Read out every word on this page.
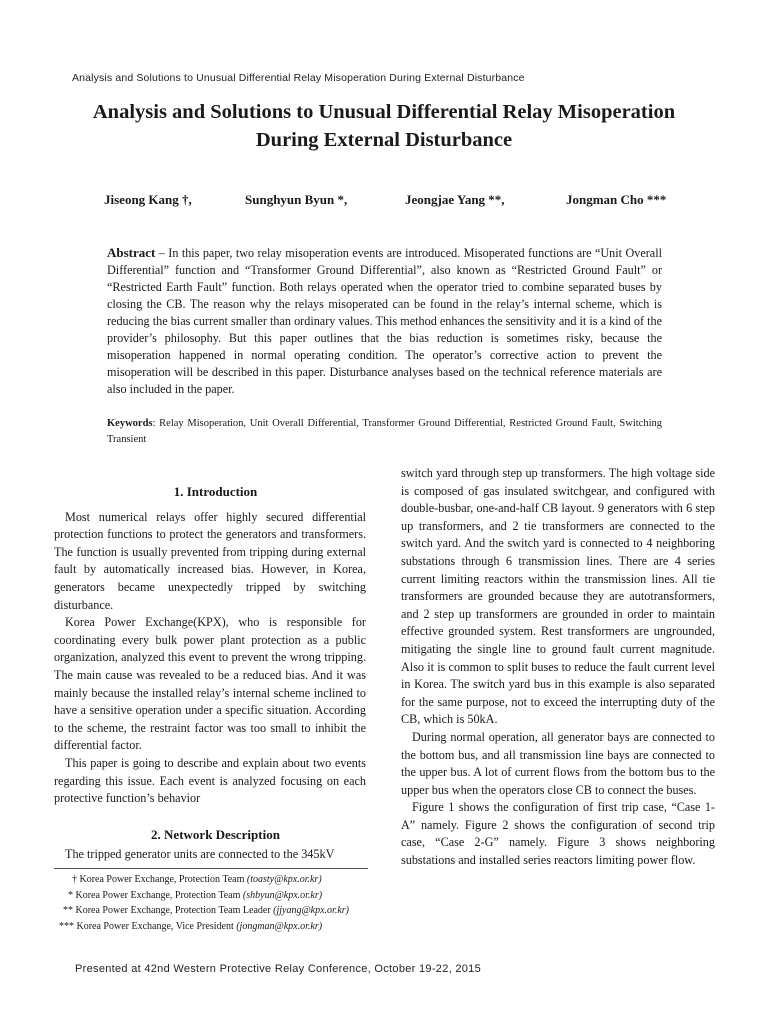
Analysis and Solutions to Unusual Differential Relay Misoperation During External Disturbance
Analysis and Solutions to Unusual Differential Relay Misoperation
During External Disturbance
Jiseong Kang †,	Sunghyun Byun *,	Jeongjae Yang **,	Jongman Cho ***
Abstract – In this paper, two relay misoperation events are introduced. Misoperated functions are “Unit Overall Differential” function and “Transformer Ground Differential”, also known as “Restricted Ground Fault” or “Restricted Earth Fault” function. Both relays operated when the operator tried to combine separated buses by closing the CB. The reason why the relays misoperated can be found in the relay’s internal scheme, which is reducing the bias current smaller than ordinary values. This method enhances the sensitivity and it is a kind of the provider’s philosophy. But this paper outlines that the bias reduction is sometimes risky, because the misoperation happened in normal operating condition. The operator’s corrective action to prevent the misoperation will be described in this paper. Disturbance analyses based on the technical reference materials are also included in the paper.
Keywords: Relay Misoperation, Unit Overall Differential, Transformer Ground Differential, Restricted Ground Fault, Switching Transient

1. Introduction

Most numerical relays offer highly secured differential protection functions to protect the generators and transformers. The function is usually prevented from tripping during external fault by automatically increased bias. However, in Korea, generators became unexpectedly tripped by switching disturbance.

Korea Power Exchange(KPX), who is responsible for coordinating every bulk power plant protection as a public organization, analyzed this event to prevent the wrong tripping. The main cause was revealed to be a reduced bias. And it was mainly because the installed relay’s internal scheme inclined to have a sensitive operation under a specific situation. According to the scheme, the restraint factor was too small to inhibit the differential factor.

This paper is going to describe and explain about two events regarding this issue. Each event is analyzed focusing on each protective function’s behavior

2. Network Description

The tripped generator units are connected to the 345kV

switch yard through step up transformers. The high voltage side is composed of gas insulated switchgear, and configured with double-busbar, one-and-half CB layout. 9 generators with 6 step up transformers, and 2 tie transformers are connected to the switch yard. And the switch yard is connected to 4 neighboring substations through 6 transmission lines. There are 4 series current limiting reactors within the transmission lines. All tie transformers are grounded because they are autotransformers, and 2 step up transformers are grounded in order to maintain effective grounded system. Rest transformers are ungrounded, mitigating the single line to ground fault current magnitude. Also it is common to split buses to reduce the fault current level in Korea. The switch yard bus in this example is also separated for the same purpose, not to exceed the interrupting duty of the CB, which is 50kA.

During normal operation, all generator bays are connected to the bottom bus, and all transmission line bays are connected to the upper bus. A lot of current flows from the bottom bus to the upper bus when the operators close CB to connect the buses.

Figure 1 shows the configuration of first trip case, “Case 1-A” namely. Figure 2 shows the configuration of second trip case, “Case 2-G” namely. Figure 3 shows neighboring substations and installed series reactors limiting power flow.

† Korea Power Exchange, Protection Team (toasty@kpx.or.kr)
* Korea Power Exchange, Protection Team (shbyun@kpx.or.kr)
** Korea Power Exchange, Protection Team Leader (jjyang@kpx.or.kr)
*** Korea Power Exchange, Vice President (jongman@kpx.or.kr)
Presented at 42nd Western Protective Relay Conference, October 19-22, 2015
